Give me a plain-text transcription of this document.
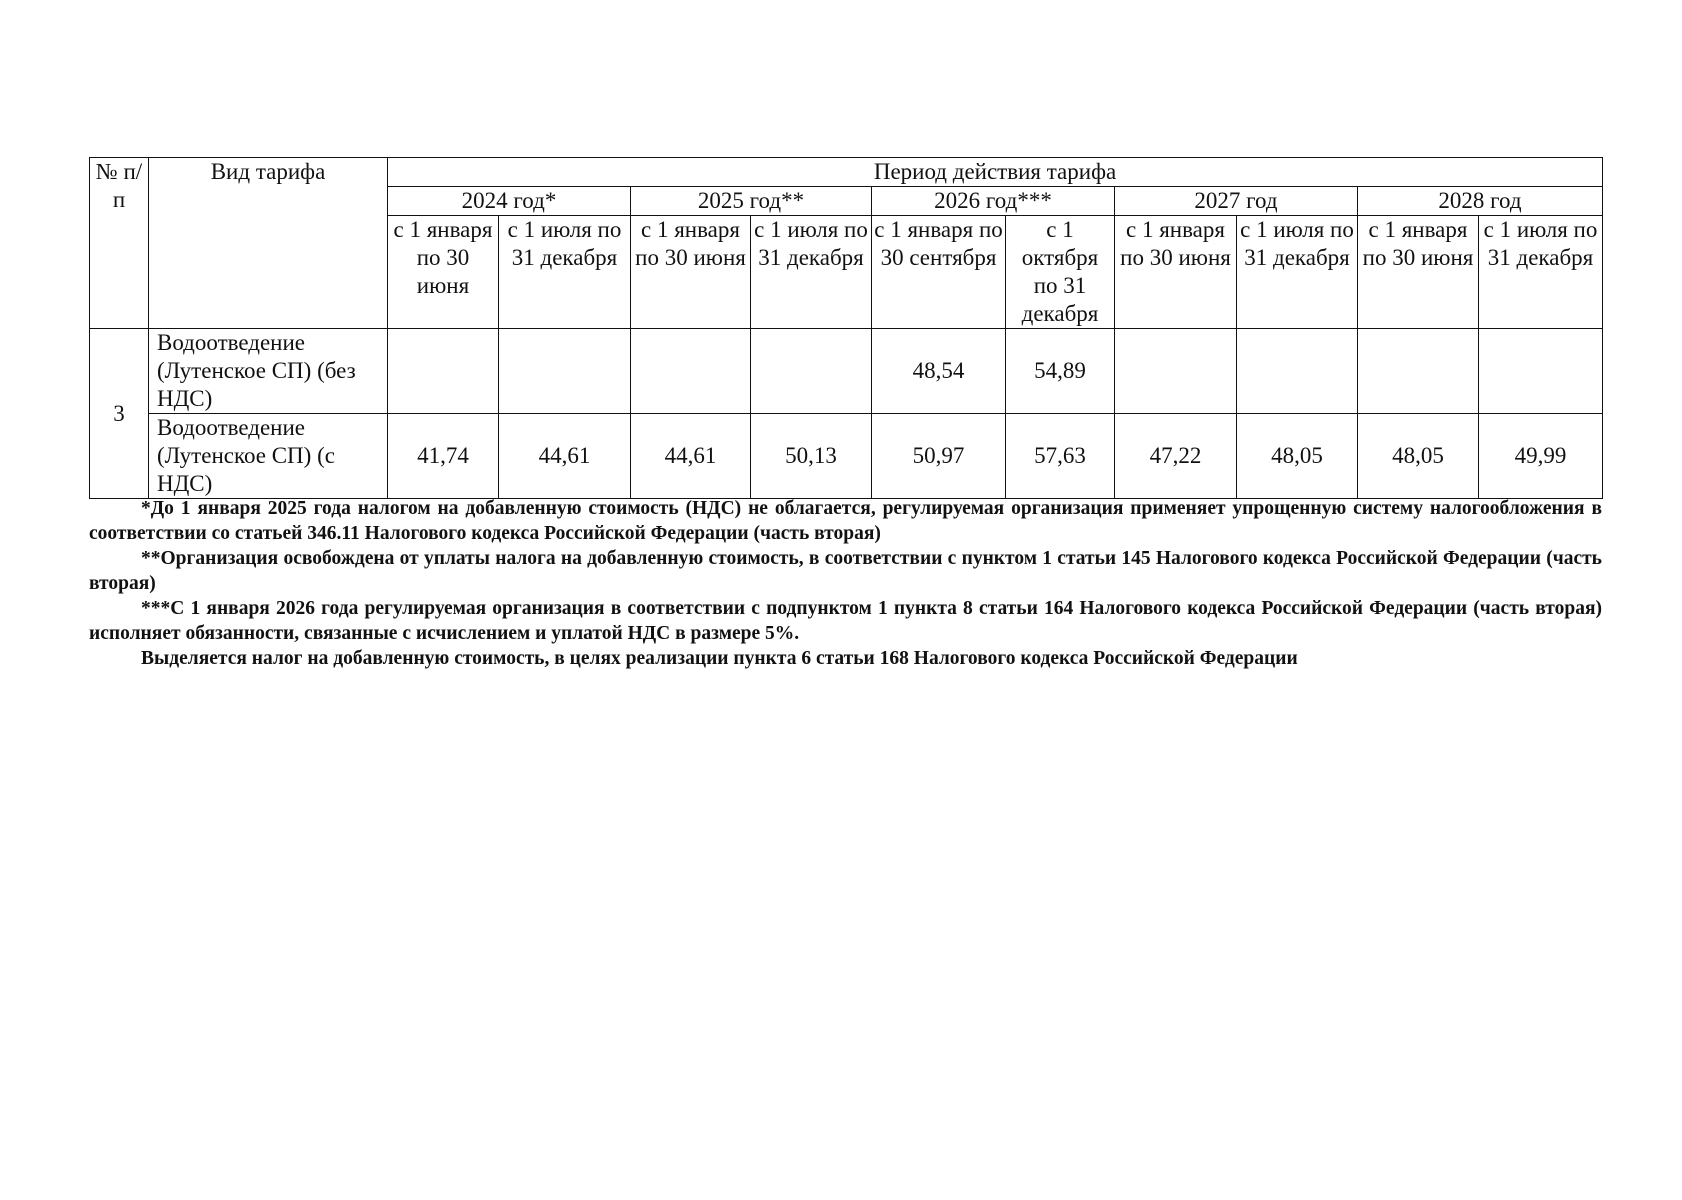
№ п/п	Вид тарифа	Период действия тарифа									
		2024 год*		2025 год**		2026 год***		2027 год		2028 год	
		с 1 января по 30 июня	с 1 июля по 31 декабря	с 1 января по 30 июня	с 1 июля по 31 декабря	с 1 января по 30 сентября	с 1 октября по 31 декабря	с 1 января по 30 июня	с 1 июля по 31 декабря	с 1 января по 30 июня	с 1 июля по 31 декабря
3	Водоотведение (Лутенское СП) (без НДС)					48,54	54,89				
	Водоотведение (Лутенское СП) (с НДС)	41,74	44,61	44,61	50,13	50,97	57,63	47,22	48,05	48,05	49,99

*До 1 января 2025 года налогом на добавленную стоимость (НДС) не облагается, регулируемая организация применяет упрощенную систему налогообложения в соответствии со статьей 346.11 Налогового кодекса Российской Федерации (часть вторая)

**Организация освобождена от уплаты налога на добавленную стоимость, в соответствии с пунктом 1 статьи 145 Налогового кодекса Российской Федерации (часть вторая)

***С 1 января 2026 года регулируемая организация в соответствии с подпунктом 1 пункта 8 статьи 164 Налогового кодекса Российской Федерации (часть вторая) исполняет обязанности, связанные с исчислением и уплатой НДС в размере 5%.

Выделяется налог на добавленную стоимость, в целях реализации пункта 6 статьи 168 Налогового кодекса Российской Федерации
